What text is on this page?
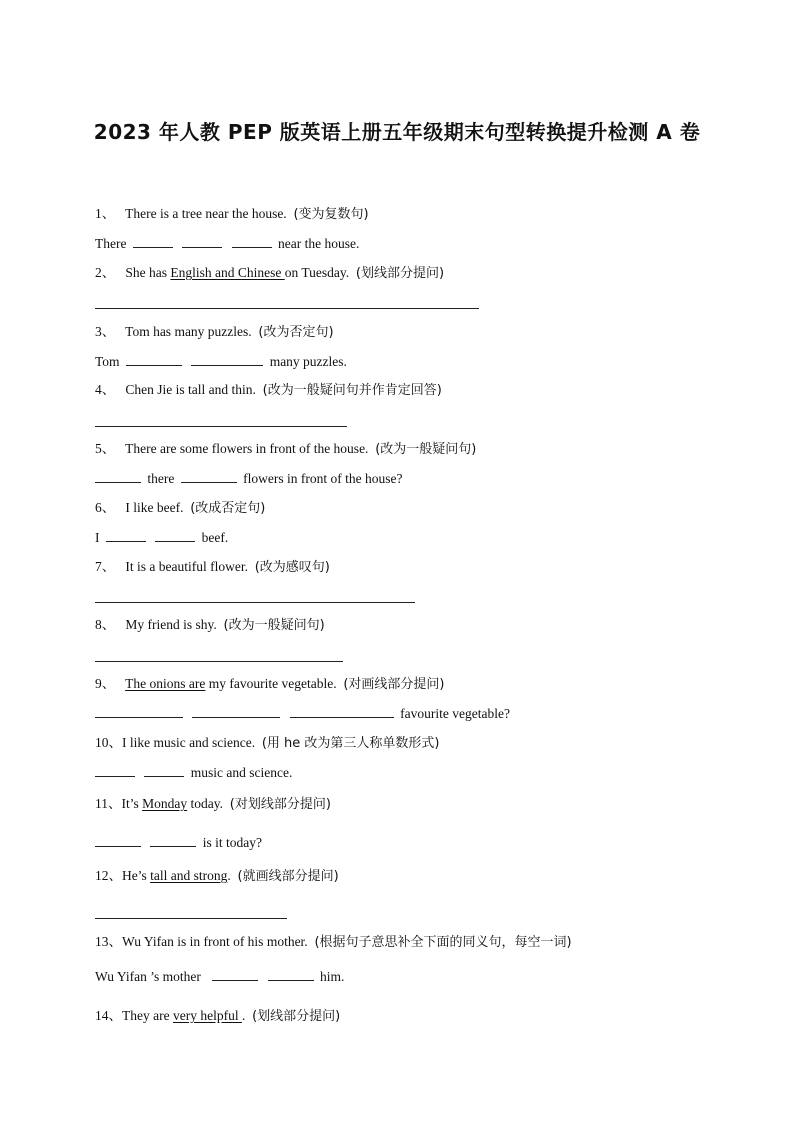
2023 年人教 PEP 版英语上册五年级期末句型转换提升检测 A 卷
1、 There is a tree near the house. (变为复数句)
There	near the house.
2、 She has English and Chinese on Tuesday. (划线部分提问)
3、 Tom has many puzzles. (改为否定句)
Tom	many puzzles.
4、 Chen Jie is tall and thin. (改为一般疑问句并作肯定回答)
5、 There are some flowers in front of the house. (改为一般疑问句)
there	flowers in front of the house?
6、 I like beef. (改成否定句)
I	beef.
7、 It is a beautiful flower. (改为感叹句)
8、 My friend is shy. (改为一般疑问句)
9、 The onions are my favourite vegetable. (对画线部分提问)
favourite vegetable?
10、I like music and science. (用 he 改为第三人称单数形式)
music and science.
11、It’s Monday today. (对划线部分提问)
is it today?
12、He’s tall and strong. (就画线部分提问)
13、Wu Yifan is in front of his mother. (根据句子意思补全下面的同义句，每空一词)
Wu Yifan ’s mother	him.
14、They are very helpful . (划线部分提问)
